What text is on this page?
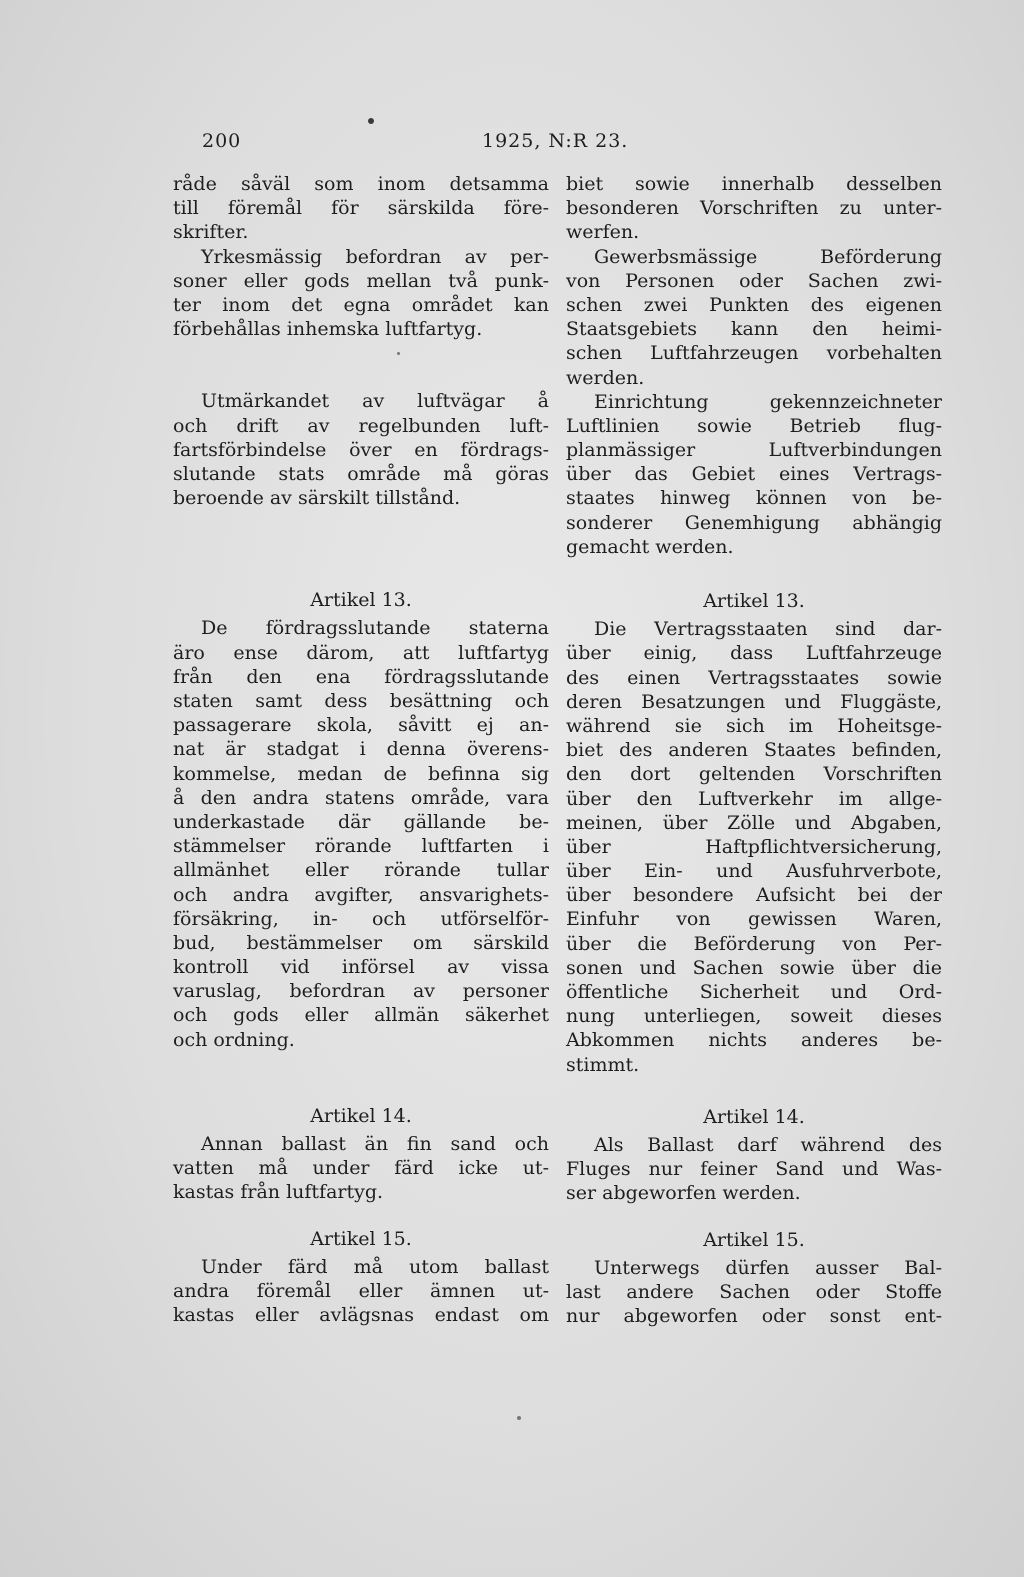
200	1925, N:R 23.
råde såväl som inom detsamma
till föremål för särskilda före-
skrifter.
Yrkesmässig befordran av per-
soner eller gods mellan två punk-
ter inom det egna området kan
förbehållas inhemska luftfartyg.
Utmärkandet av luftvägar å
och drift av regelbunden luft-
fartsförbindelse över en fördrags-
slutande stats område må göras
beroende av särskilt tillstånd.
Artikel 13.
De fördragsslutande staterna
äro ense därom, att luftfartyg
från den ena fördragsslutande
staten samt dess besättning och
passagerare skola, såvitt ej an-
nat är stadgat i denna överens-
kommelse, medan de befinna sig
å den andra statens område, vara
underkastade där gällande be-
stämmelser rörande luftfarten i
allmänhet eller rörande tullar
och andra avgifter, ansvarighets-
försäkring, in- och utförselför-
bud, bestämmelser om särskild
kontroll vid införsel av vissa
varuslag, befordran av personer
och gods eller allmän säkerhet
och ordning.
Artikel 14.
Annan ballast än fin sand och
vatten må under färd icke ut-
kastas från luftfartyg.
Artikel 15.
Under färd må utom ballast
andra föremål eller ämnen ut-
kastas eller avlägsnas endast om
biet sowie innerhalb desselben
besonderen Vorschriften zu unter-
werfen.
Gewerbsmässige Beförderung
von Personen oder Sachen zwi-
schen zwei Punkten des eigenen
Staatsgebiets kann den heimi-
schen Luftfahrzeugen vorbehalten
werden.
Einrichtung gekennzeichneter
Luftlinien sowie Betrieb flug-
planmässiger Luftverbindungen
über das Gebiet eines Vertrags-
staates hinweg können von be-
sonderer Genemhigung abhängig
gemacht werden.
Artikel 13.
Die Vertragsstaaten sind dar-
über einig, dass Luftfahrzeuge
des einen Vertragsstaates sowie
deren Besatzungen und Fluggäste,
während sie sich im Hoheitsge-
biet des anderen Staates befinden,
den dort geltenden Vorschriften
über den Luftverkehr im allge-
meinen, über Zölle und Abgaben,
über Haftpflichtversicherung,
über Ein- und Ausfuhrverbote,
über besondere Aufsicht bei der
Einfuhr von gewissen Waren,
über die Beförderung von Per-
sonen und Sachen sowie über die
öffentliche Sicherheit und Ord-
nung unterliegen, soweit dieses
Abkommen nichts anderes be-
stimmt.
Artikel 14.
Als Ballast darf während des
Fluges nur feiner Sand und Was-
ser abgeworfen werden.
Artikel 15.
Unterwegs dürfen ausser Bal-
last andere Sachen oder Stoffe
nur abgeworfen oder sonst ent-
